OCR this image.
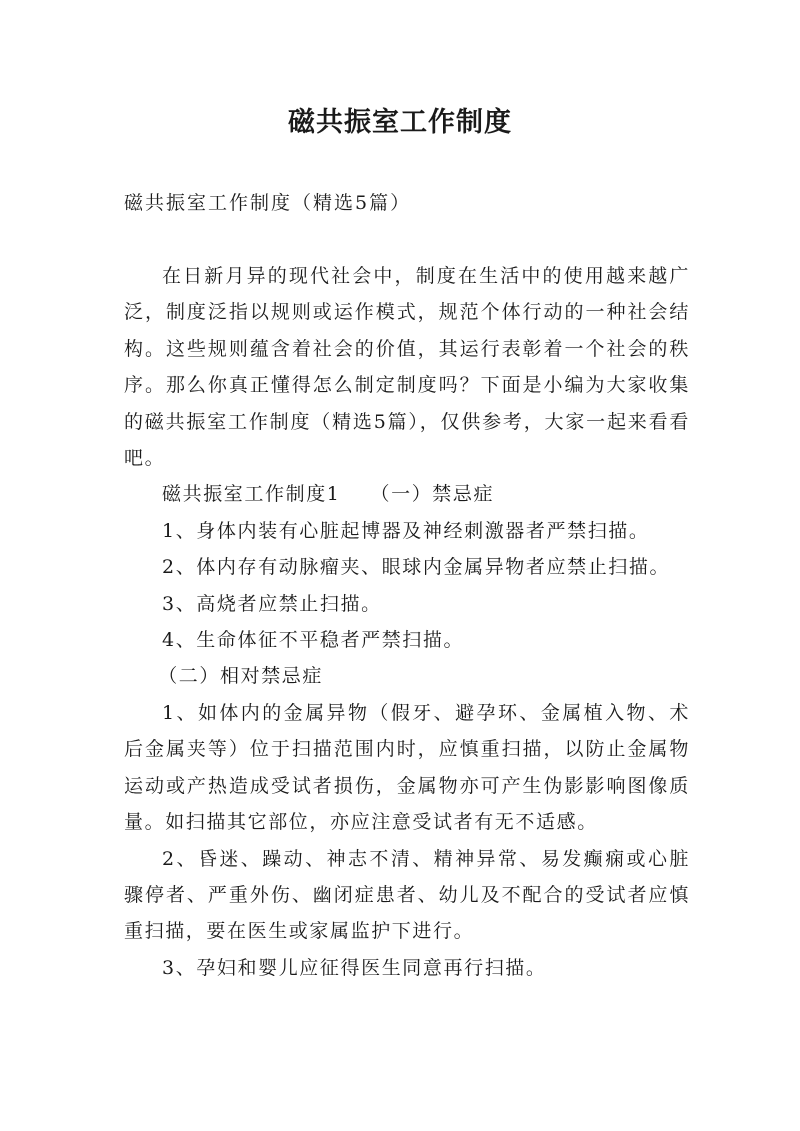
磁共振室工作制度

磁共振室工作制度（精选5篇）

在日新月异的现代社会中，制度在生活中的使用越来越广泛，制度泛指以规则或运作模式，规范个体行动的一种社会结构。这些规则蕴含着社会的价值，其运行表彰着一个社会的秩序。那么你真正懂得怎么制定制度吗？下面是小编为大家收集的磁共振室工作制度（精选5篇），仅供参考，大家一起来看看吧。

磁共振室工作制度1 （一）禁忌症

1、身体内装有心脏起博器及神经刺激器者严禁扫描。

2、体内存有动脉瘤夹、眼球内金属异物者应禁止扫描。

3、高烧者应禁止扫描。

4、生命体征不平稳者严禁扫描。

（二）相对禁忌症

1、如体内的金属异物（假牙、避孕环、金属植入物、术后金属夹等）位于扫描范围内时，应慎重扫描，以防止金属物运动或产热造成受试者损伤，金属物亦可产生伪影影响图像质量。如扫描其它部位，亦应注意受试者有无不适感。

2、昏迷、躁动、神志不清、精神异常、易发癫痫或心脏骤停者、严重外伤、幽闭症患者、幼儿及不配合的受试者应慎重扫描，要在医生或家属监护下进行。

3、孕妇和婴儿应征得医生同意再行扫描。
